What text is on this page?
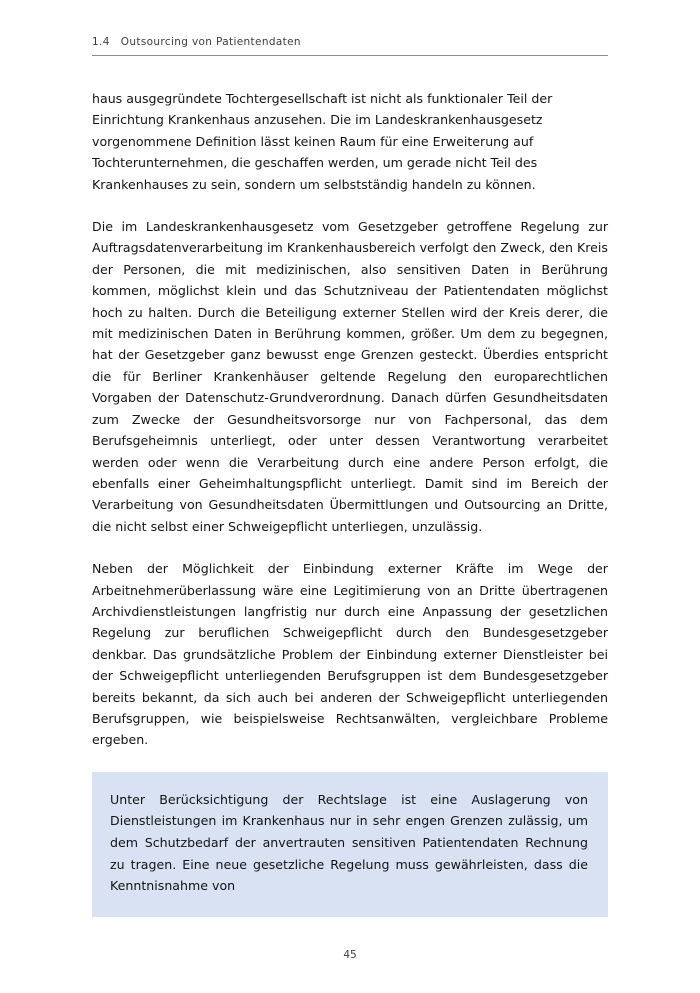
1.4 Outsourcing von Patientendaten

haus ausgegründete Tochtergesellschaft ist nicht als funktionaler Teil der Einrichtung Krankenhaus anzusehen. Die im Landeskrankenhausgesetz vorgenommene Definition lässt keinen Raum für eine Erweiterung auf Tochterunternehmen, die geschaffen werden, um gerade nicht Teil des Krankenhauses zu sein, sondern um selbstständig handeln zu können.

Die im Landeskrankenhausgesetz vom Gesetzgeber getroffene Regelung zur Auftragsdatenverarbeitung im Krankenhausbereich verfolgt den Zweck, den Kreis der Personen, die mit medizinischen, also sensitiven Daten in Berührung kommen, möglichst klein und das Schutzniveau der Patientendaten möglichst hoch zu halten. Durch die Beteiligung externer Stellen wird der Kreis derer, die mit medizinischen Daten in Berührung kommen, größer. Um dem zu begegnen, hat der Gesetzgeber ganz bewusst enge Grenzen gesteckt. Überdies entspricht die für Berliner Krankenhäuser geltende Regelung den europarechtlichen Vorgaben der Datenschutz-Grundverordnung. Danach dürfen Gesundheitsdaten zum Zwecke der Gesundheitsvorsorge nur von Fachpersonal, das dem Berufsgeheimnis unterliegt, oder unter dessen Verantwortung verarbeitet werden oder wenn die Verarbeitung durch eine andere Person erfolgt, die ebenfalls einer Geheimhaltungspflicht unterliegt. Damit sind im Bereich der Verarbeitung von Gesundheitsdaten Übermittlungen und Outsourcing an Dritte, die nicht selbst einer Schweigepflicht unterliegen, unzulässig.

Neben der Möglichkeit der Einbindung externer Kräfte im Wege der Arbeitnehmerüberlassung wäre eine Legitimierung von an Dritte übertragenen Archivdienstleistungen langfristig nur durch eine Anpassung der gesetzlichen Regelung zur beruflichen Schweigepflicht durch den Bundesgesetzgeber denkbar. Das grundsätzliche Problem der Einbindung externer Dienstleister bei der Schweigepflicht unterliegenden Berufsgruppen ist dem Bundesgesetzgeber bereits bekannt, da sich auch bei anderen der Schweigepflicht unterliegenden Berufsgruppen, wie beispielsweise Rechtsanwälten, vergleichbare Probleme ergeben.

Unter Berücksichtigung der Rechtslage ist eine Auslagerung von Dienstleistungen im Krankenhaus nur in sehr engen Grenzen zulässig, um dem Schutzbedarf der anvertrauten sensitiven Patientendaten Rechnung zu tragen. Eine neue gesetzliche Regelung muss gewährleisten, dass die Kenntnisnahme von

45
